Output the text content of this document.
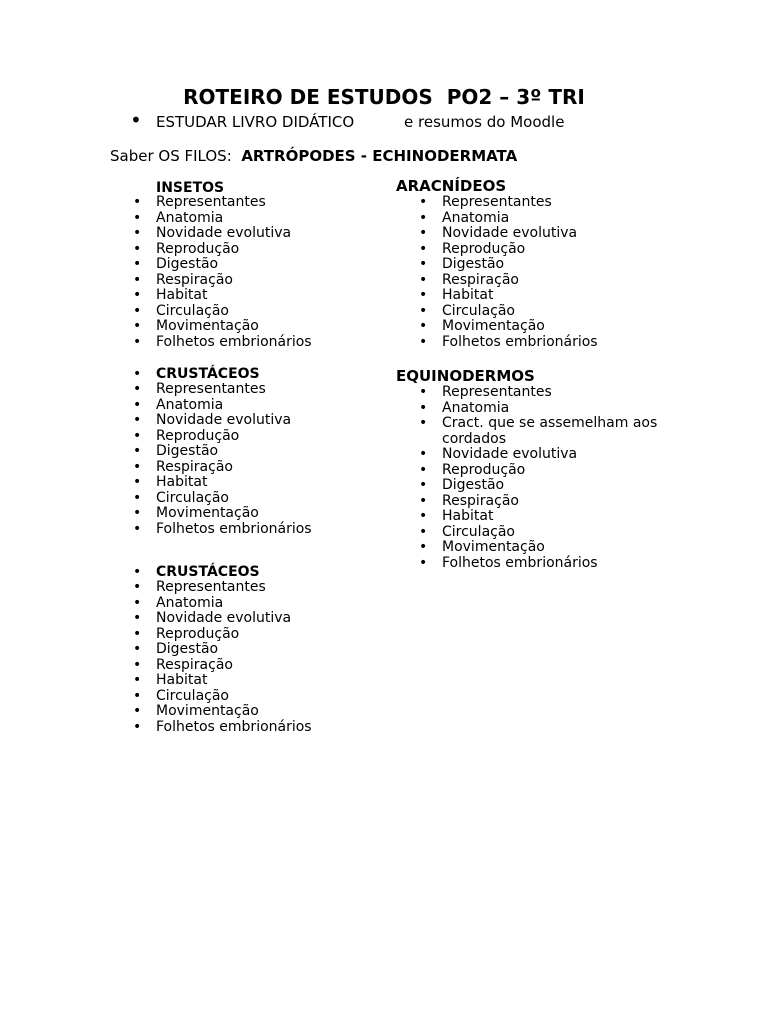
ROTEIRO DE ESTUDOS  PO2 – 3º TRI
• ESTUDAR LIVRO DIDÁTICO	e resumos do Moodle
Saber OS FILOS: ARTRÓPODES - ECHINODERMATA
INSETOS
• Representantes
• Anatomia
• Novidade evolutiva
• Reprodução
• Digestão
• Respiração
• Habitat
• Circulação
• Movimentação
• Folhetos embrionários
• CRUSTÁCEOS
• Representantes
• Anatomia
• Novidade evolutiva
• Reprodução
• Digestão
• Respiração
• Habitat
• Circulação
• Movimentação
• Folhetos embrionários
• CRUSTÁCEOS
• Representantes
• Anatomia
• Novidade evolutiva
• Reprodução
• Digestão
• Respiração
• Habitat
• Circulação
• Movimentação
• Folhetos embrionários
ARACNÍDEOS
• Representantes
• Anatomia
• Novidade evolutiva
• Reprodução
• Digestão
• Respiração
• Habitat
• Circulação
• Movimentação
• Folhetos embrionários
EQUINODERMOS
• Representantes
• Anatomia
• Cract. que se assemelham aos cordados
• Novidade evolutiva
• Reprodução
• Digestão
• Respiração
• Habitat
• Circulação
• Movimentação
• Folhetos embrionários
